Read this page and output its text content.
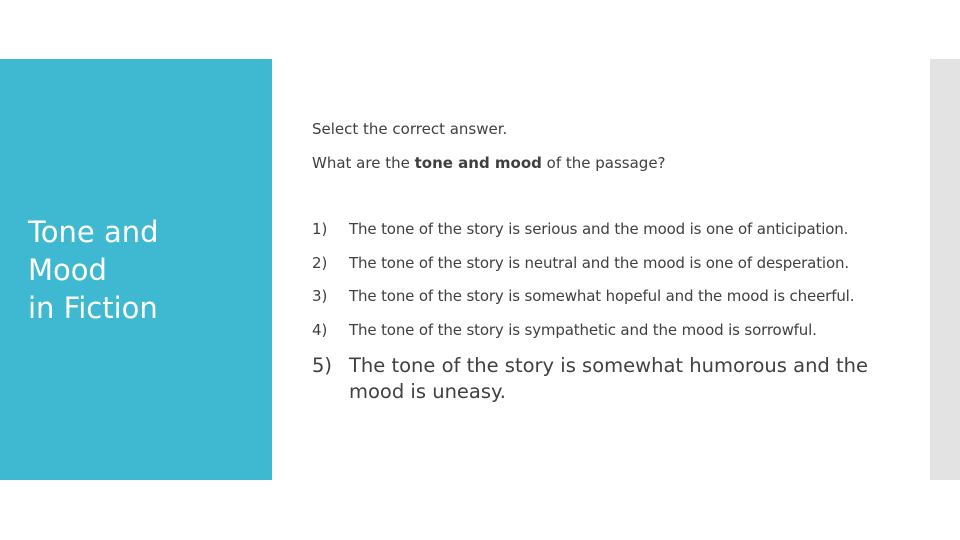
Tone and
Mood
in Fiction
Select the correct answer.
What are the tone and mood of the passage?
1)	The tone of the story is serious and the mood is one of anticipation.
2)	The tone of the story is neutral and the mood is one of desperation.
3)	The tone of the story is somewhat hopeful and the mood is cheerful.
4)	The tone of the story is sympathetic and the mood is sorrowful.
5) The tone of the story is somewhat humorous and the mood is uneasy.
